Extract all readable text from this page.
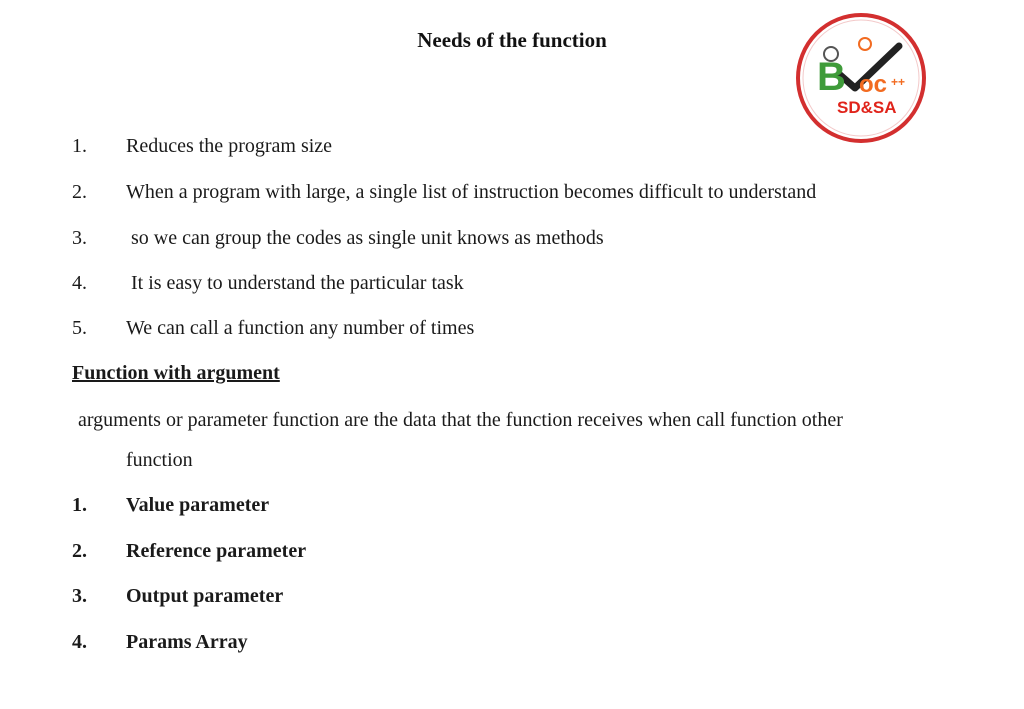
Needs of the function
B oc ++
SD&SA
1. Reduces the program size
2. When a program with large, a single list of instruction becomes difficult to understand
3. so we can group the codes as single unit knows as methods
4. It is easy to understand the particular task
5. We can call a function any number of times
Function with argument
arguments or parameter function are the data that the function receives when call function other
function
1. Value parameter
2. Reference parameter
3. Output parameter
4. Params Array
